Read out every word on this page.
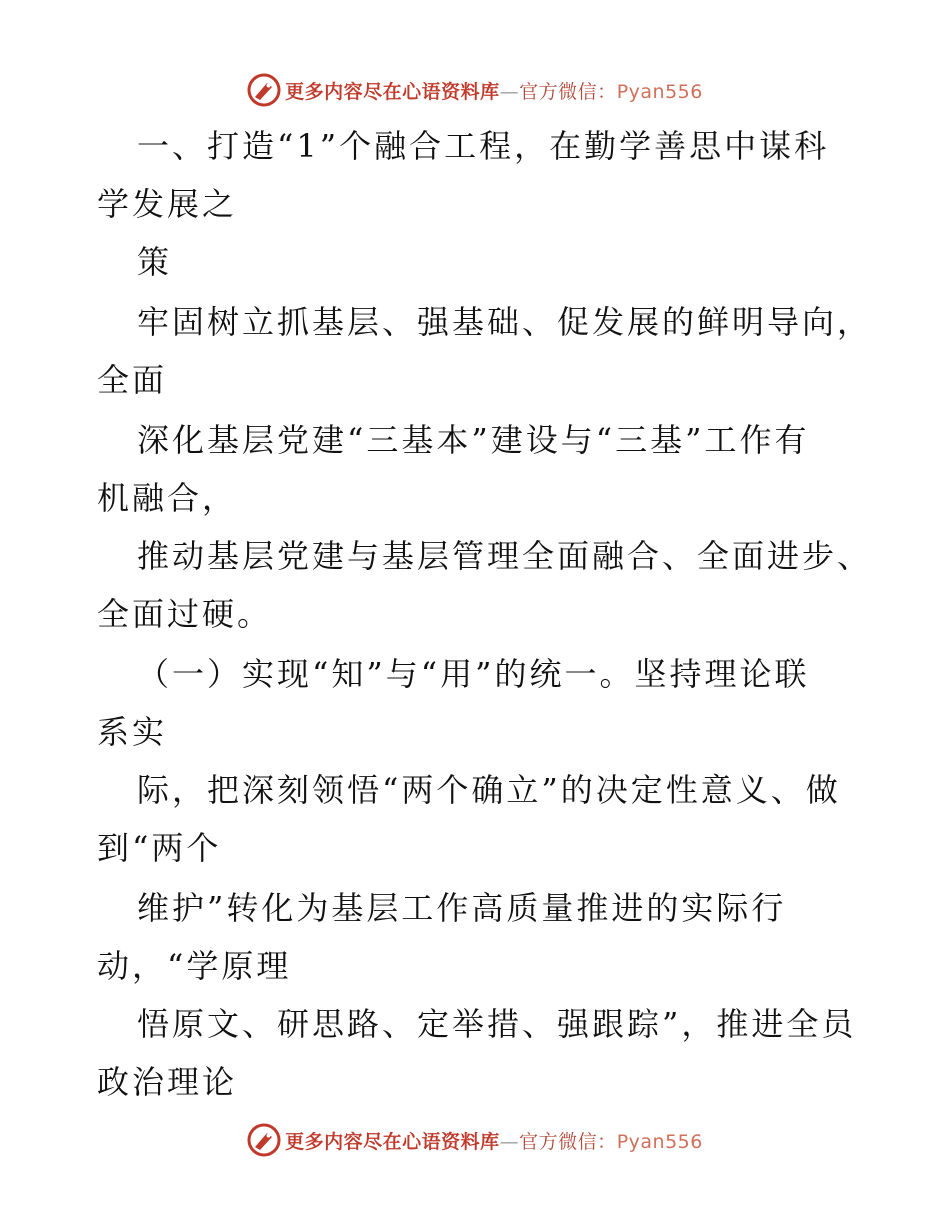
更多内容尽在心语资料库—官方微信：Pyan556
一、打造“1”个融合工程，在勤学善思中谋科
学发展之
策
牢固树立抓基层、强基础、促发展的鲜明导向，
全面
深化基层党建“三基本”建设与“三基”工作有
机融合，
推动基层党建与基层管理全面融合、全面进步、
全面过硬。
（一）实现“知”与“用”的统一。坚持理论联
系实
际，把深刻领悟“两个确立”的决定性意义、做
到“两个
维护”转化为基层工作高质量推进的实际行
动，“学原理
悟原文、研思路、定举措、强跟踪”，推进全员
政治理论
更多内容尽在心语资料库—官方微信：Pyan556
